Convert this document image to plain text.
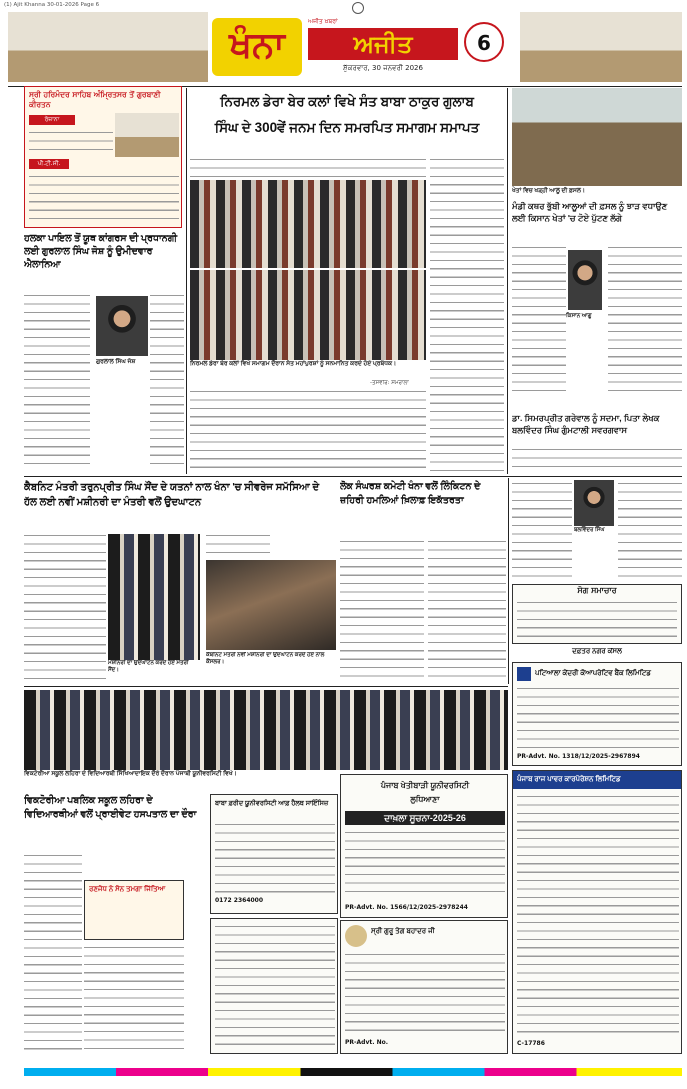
(1) Ajit Khanna 30-01-2026 Page 6
ਖੰਨਾ
ਅਜੀਤ ਖ਼ਬਰਾਂ
ਅਜੀਤ
ਸ਼ੁੱਕਰਵਾਰ, 30 ਜਨਵਰੀ 2026
6
ਸ੍ਰੀ ਹਰਿਮੰਦਰ ਸਾਹਿਬ ਅੰਮ੍ਰਿਤਸਰ ਤੋਂ ਗੁਰਬਾਣੀ ਕੀਰਤਨ
ਰੋਜ਼ਾਨਾ
ਪੀ.ਟੀ.ਸੀ.
ਹਲਕਾ ਪਾਇਲ ਤੋਂ ਯੂਥ ਕਾਂਗਰਸ ਦੀ ਪ੍ਰਧਾਨਗੀ ਲਈ ਗੁਰਲਾਲ ਸਿੰਘ ਜੋਸ਼ ਨੂੰ ਉਮੀਦਵਾਰ ਐਲਾਨਿਆ
ਗੁਰਲਾਲ ਸਿੰਘ ਜੋਸ਼
ਨਿਰਮਲ ਡੇਰਾ ਬੇਰ ਕਲਾਂ ਵਿਖੇ ਸੰਤ ਬਾਬਾ ਠਾਕੁਰ ਗੁਲਾਬ
ਸਿੰਘ ਦੇ 300ਵੇਂ ਜਨਮ ਦਿਨ ਸਮਰਪਿਤ ਸਮਾਗਮ ਸਮਾਪਤ
ਨਿਰਮਲ ਡੇਰਾ ਬੇਰ ਕਲਾਂ ਵਿਖੇ ਸਮਾਗਮ ਦੌਰਾਨ ਸੰਤ ਮਹਾਂਪੁਰਸ਼ਾਂ ਨੂੰ ਸਨਮਾਨਿਤ ਕਰਦੇ ਹੋਏ ਪ੍ਰਬੰਧਕ।
-ਤਸਵੀਰ: ਸਮਰਾਲਾ
ਖੇਤਾਂ ਵਿਚ ਖੜ੍ਹੀ ਆਲੂ ਦੀ ਫ਼ਸਲ।
ਮੰਡੀ ਕਥਰ ਭੁੱਬੀ ਆਲੂਆਂ ਦੀ ਫ਼ਸਲ ਨੂੰ ਝਾੜ ਵਧਾਉਣ ਲਈ ਕਿਸਾਨ ਖੇਤਾਂ 'ਚ ਟੋਏ ਪੁੱਟਣ ਲੱਗੇ
ਕਿਸਾਨ ਆਗੂ
ਡਾ. ਸਿਮਰਪ੍ਰੀਤ ਗਰੇਵਾਲ ਨੂੰ ਸਦਮਾ, ਪਿਤਾ ਲੇਖਕ ਬਲਵਿੰਦਰ ਸਿੰਘ ਗੁੰਮਟਾਲੀ ਸਵਰਗਵਾਸ
ਕੈਬਨਿਟ ਮੰਤਰੀ ਤਰੁਨਪ੍ਰੀਤ ਸਿੰਘ ਸੌਂਦ ਦੇ ਯਤਨਾਂ ਨਾਲ ਖੰਨਾ 'ਚ ਸੀਵਰੇਜ ਸਮੱਸਿਆ ਦੇ ਹੱਲ ਲਈ ਨਵੀਂ ਮਸ਼ੀਨਰੀ ਦਾ ਮੰਤਰੀ ਵਲੋਂ ਉਦਘਾਟਨ
ਮਸ਼ੀਨਰੀ ਦਾ ਉਦਘਾਟਨ ਕਰਦੇ ਹੋਏ ਮੰਤਰੀ ਸੌਂਦ।
ਕੈਬਨਿਟ ਮੰਤਰੀ ਨਵੀਂ ਮਸ਼ੀਨਰੀ ਦਾ ਉਦਘਾਟਨ ਕਰਦੇ ਹੋਏ ਨਾਲ ਕੌਂਸਲਰ।
ਲੋਕ ਸੰਘਰਸ਼ ਕਮੇਟੀ ਖੰਨਾ ਵਲੋਂ ਲਿੰਕਿਟਨ ਦੇ ਜ਼ਹਿਰੀ ਹਮਲਿਆਂ ਖ਼ਿਲਾਫ਼ ਇਕੱਤਰਤਾ
ਬਲਵਿੰਦਰ ਸਿੰਘ
ਸੋਗ ਸਮਾਚਾਰ
ਦਫ਼ਤਰ ਨਗਰ ਕੌਂਸਲ
ਪਟਿਆਲਾ ਕੇਂਦਰੀ ਕੋਆਪਰੇਟਿਵ ਬੈਂਕ ਲਿਮਿਟਿਡ
PR-Advt. No. 1318/12/2025-2967894
ਵਿਕਟੋਰੀਆ ਸਕੂਲ ਲਹਿਰਾ ਦੇ ਵਿਦਿਆਰਥੀ ਸਿੱਖਿਆਦਾਇਕ ਦੌਰੇ ਦੌਰਾਨ ਪੰਜਾਬੀ ਯੂਨੀਵਰਸਿਟੀ ਵਿਖੇ।
ਵਿਕਟੋਰੀਆ ਪਬਲਿਕ ਸਕੂਲ ਲਹਿਰਾ ਦੇ ਵਿਦਿਆਰਥੀਆਂ ਵਲੋਂ ਪ੍ਰਾਈਵੇਟ ਹਸਪਤਾਲ ਦਾ ਦੌਰਾ
ਰਣਜੋਧ ਨੇ ਸੋਨ ਤਮਗਾ ਜਿੱਤਿਆ
ਬਾਬਾ ਫ਼ਰੀਦ ਯੂਨੀਵਰਸਿਟੀ ਆਫ਼ ਹੈਲਥ ਸਾਇੰਸਿਜ਼
0172 2364000
ਸ੍ਰੀ ਗੁਰੂ ਤੇਗ ਬਹਾਦਰ ਜੀ
PR-Advt. No.
ਪੰਜਾਬ ਖੇਤੀਬਾੜੀ ਯੂਨੀਵਰਸਿਟੀ
ਲੁਧਿਆਣਾ
ਦਾਖ਼ਲਾ ਸੂਚਨਾ-2025-26
PR-Advt. No. 1566/12/2025-2978244
ਪੰਜਾਬ ਰਾਜ ਪਾਵਰ ਕਾਰਪੋਰੇਸ਼ਨ ਲਿਮਿਟਿਡ
C-17786
